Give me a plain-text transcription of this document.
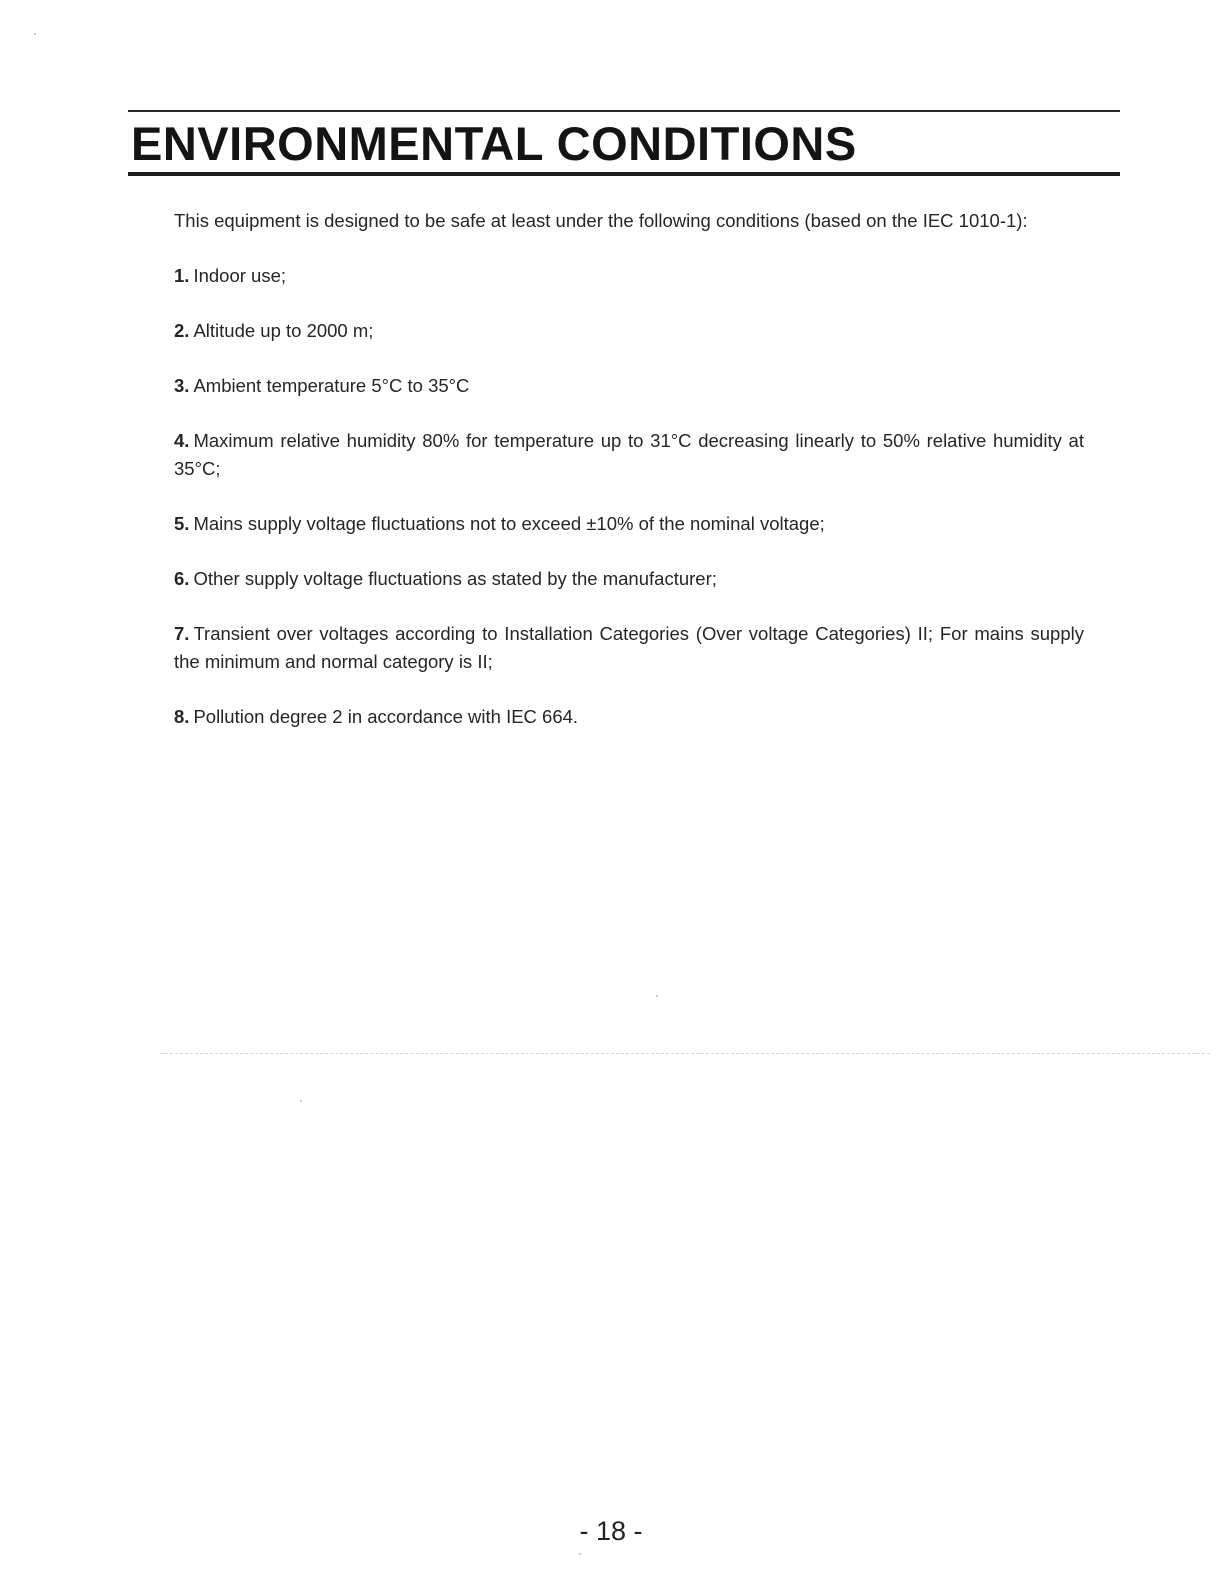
ENVIRONMENTAL CONDITIONS

This equipment is designed to be safe at least under the following conditions (based on the IEC 1010-1):

1. Indoor use;

2. Altitude up to 2000 m;

3. Ambient temperature 5°C to 35°C

4. Maximum relative humidity 80% for temperature up to 31°C decreasing linearly to 50% relative humidity at 35°C;

5. Mains supply voltage fluctuations not to exceed ±10% of the nominal voltage;

6. Other supply voltage fluctuations as stated by the manufacturer;

7. Transient over voltages according to Installation Categories (Over voltage Categories) II; For mains supply the minimum and normal category is II;

8. Pollution degree 2 in accordance with IEC 664.

- 18 -
